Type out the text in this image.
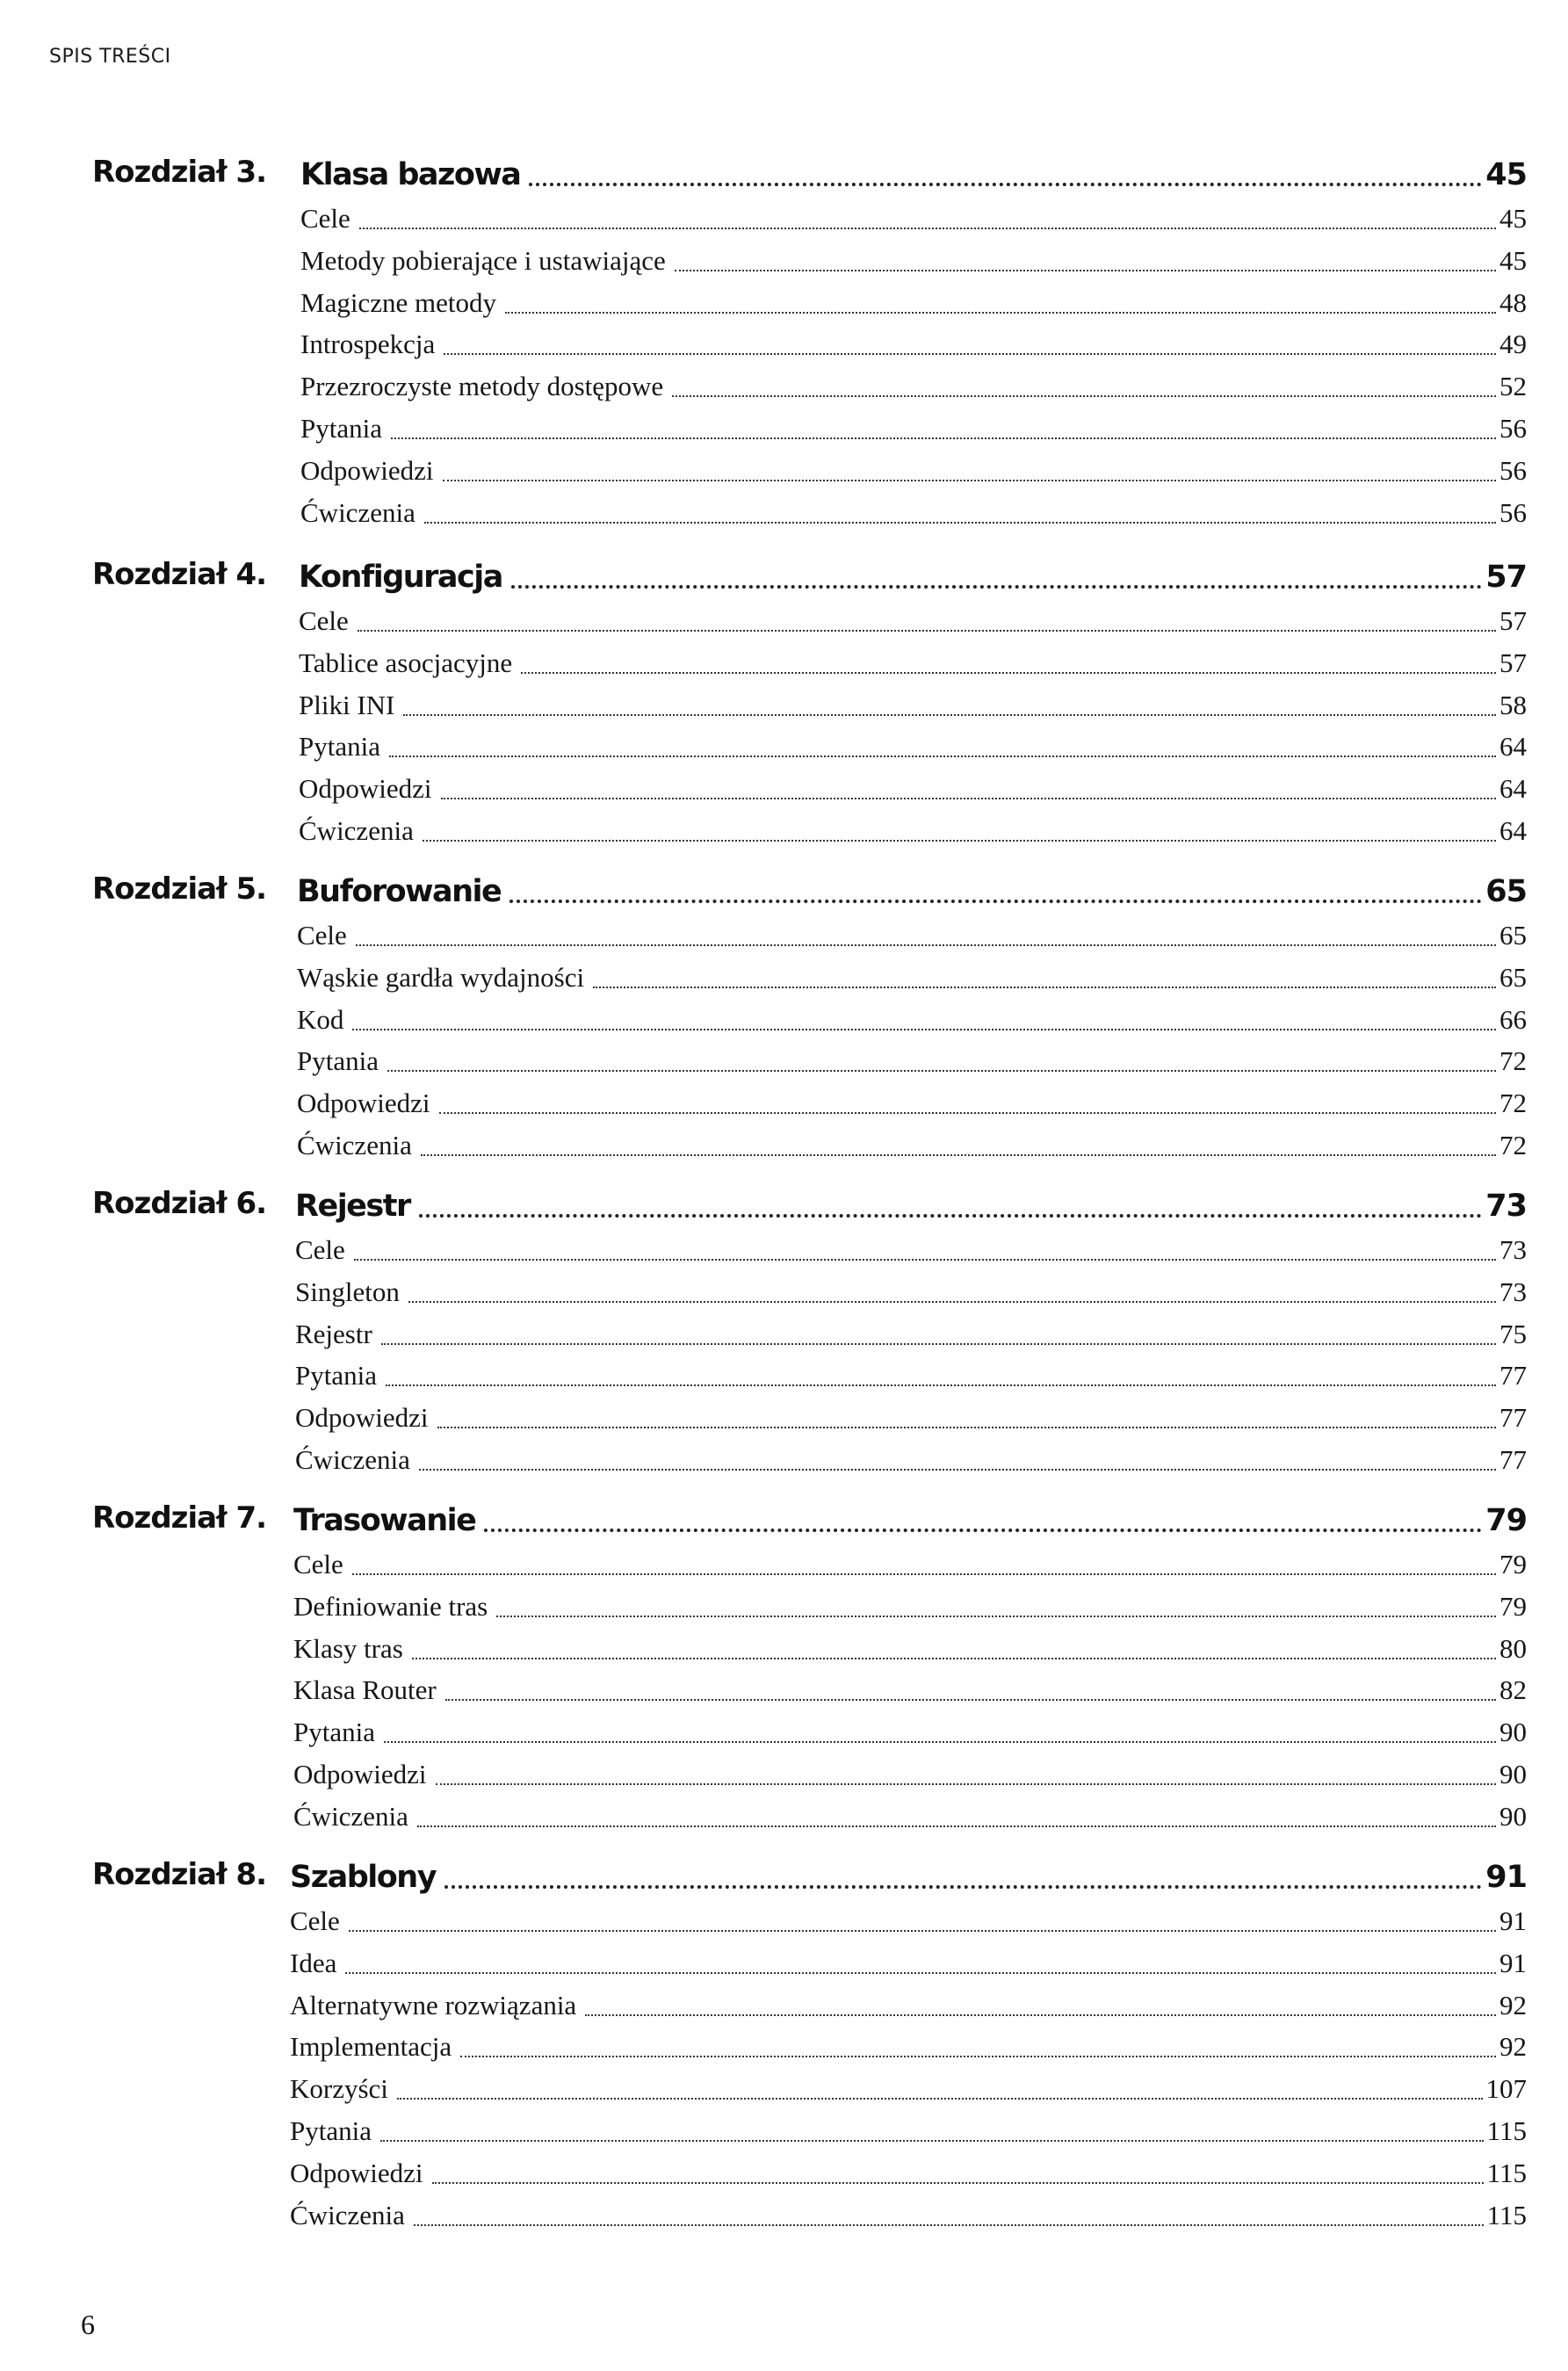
SPIS TREŚCI
Rozdział 3. Klasa bazowa	45
Cele	45
Metody pobierające i ustawiające	45
Magiczne metody	48
Introspekcja	49
Przezroczyste metody dostępowe	52
Pytania	56
Odpowiedzi	56
Ćwiczenia	56
Rozdział 4. Konfiguracja	57
Cele	57
Tablice asocjacyjne	57
Pliki INI	58
Pytania	64
Odpowiedzi	64
Ćwiczenia	64
Rozdział 5. Buforowanie	65
Cele	65
Wąskie gardła wydajności	65
Kod	66
Pytania	72
Odpowiedzi	72
Ćwiczenia	72
Rozdział 6. Rejestr	73
Cele	73
Singleton	73
Rejestr	75
Pytania	77
Odpowiedzi	77
Ćwiczenia	77
Rozdział 7. Trasowanie	79
Cele	79
Definiowanie tras	79
Klasy tras	80
Klasa Router	82
Pytania	90
Odpowiedzi	90
Ćwiczenia	90
Rozdział 8. Szablony	91
Cele	91
Idea	91
Alternatywne rozwiązania	92
Implementacja	92
Korzyści	107
Pytania	115
Odpowiedzi	115
Ćwiczenia	115
6
